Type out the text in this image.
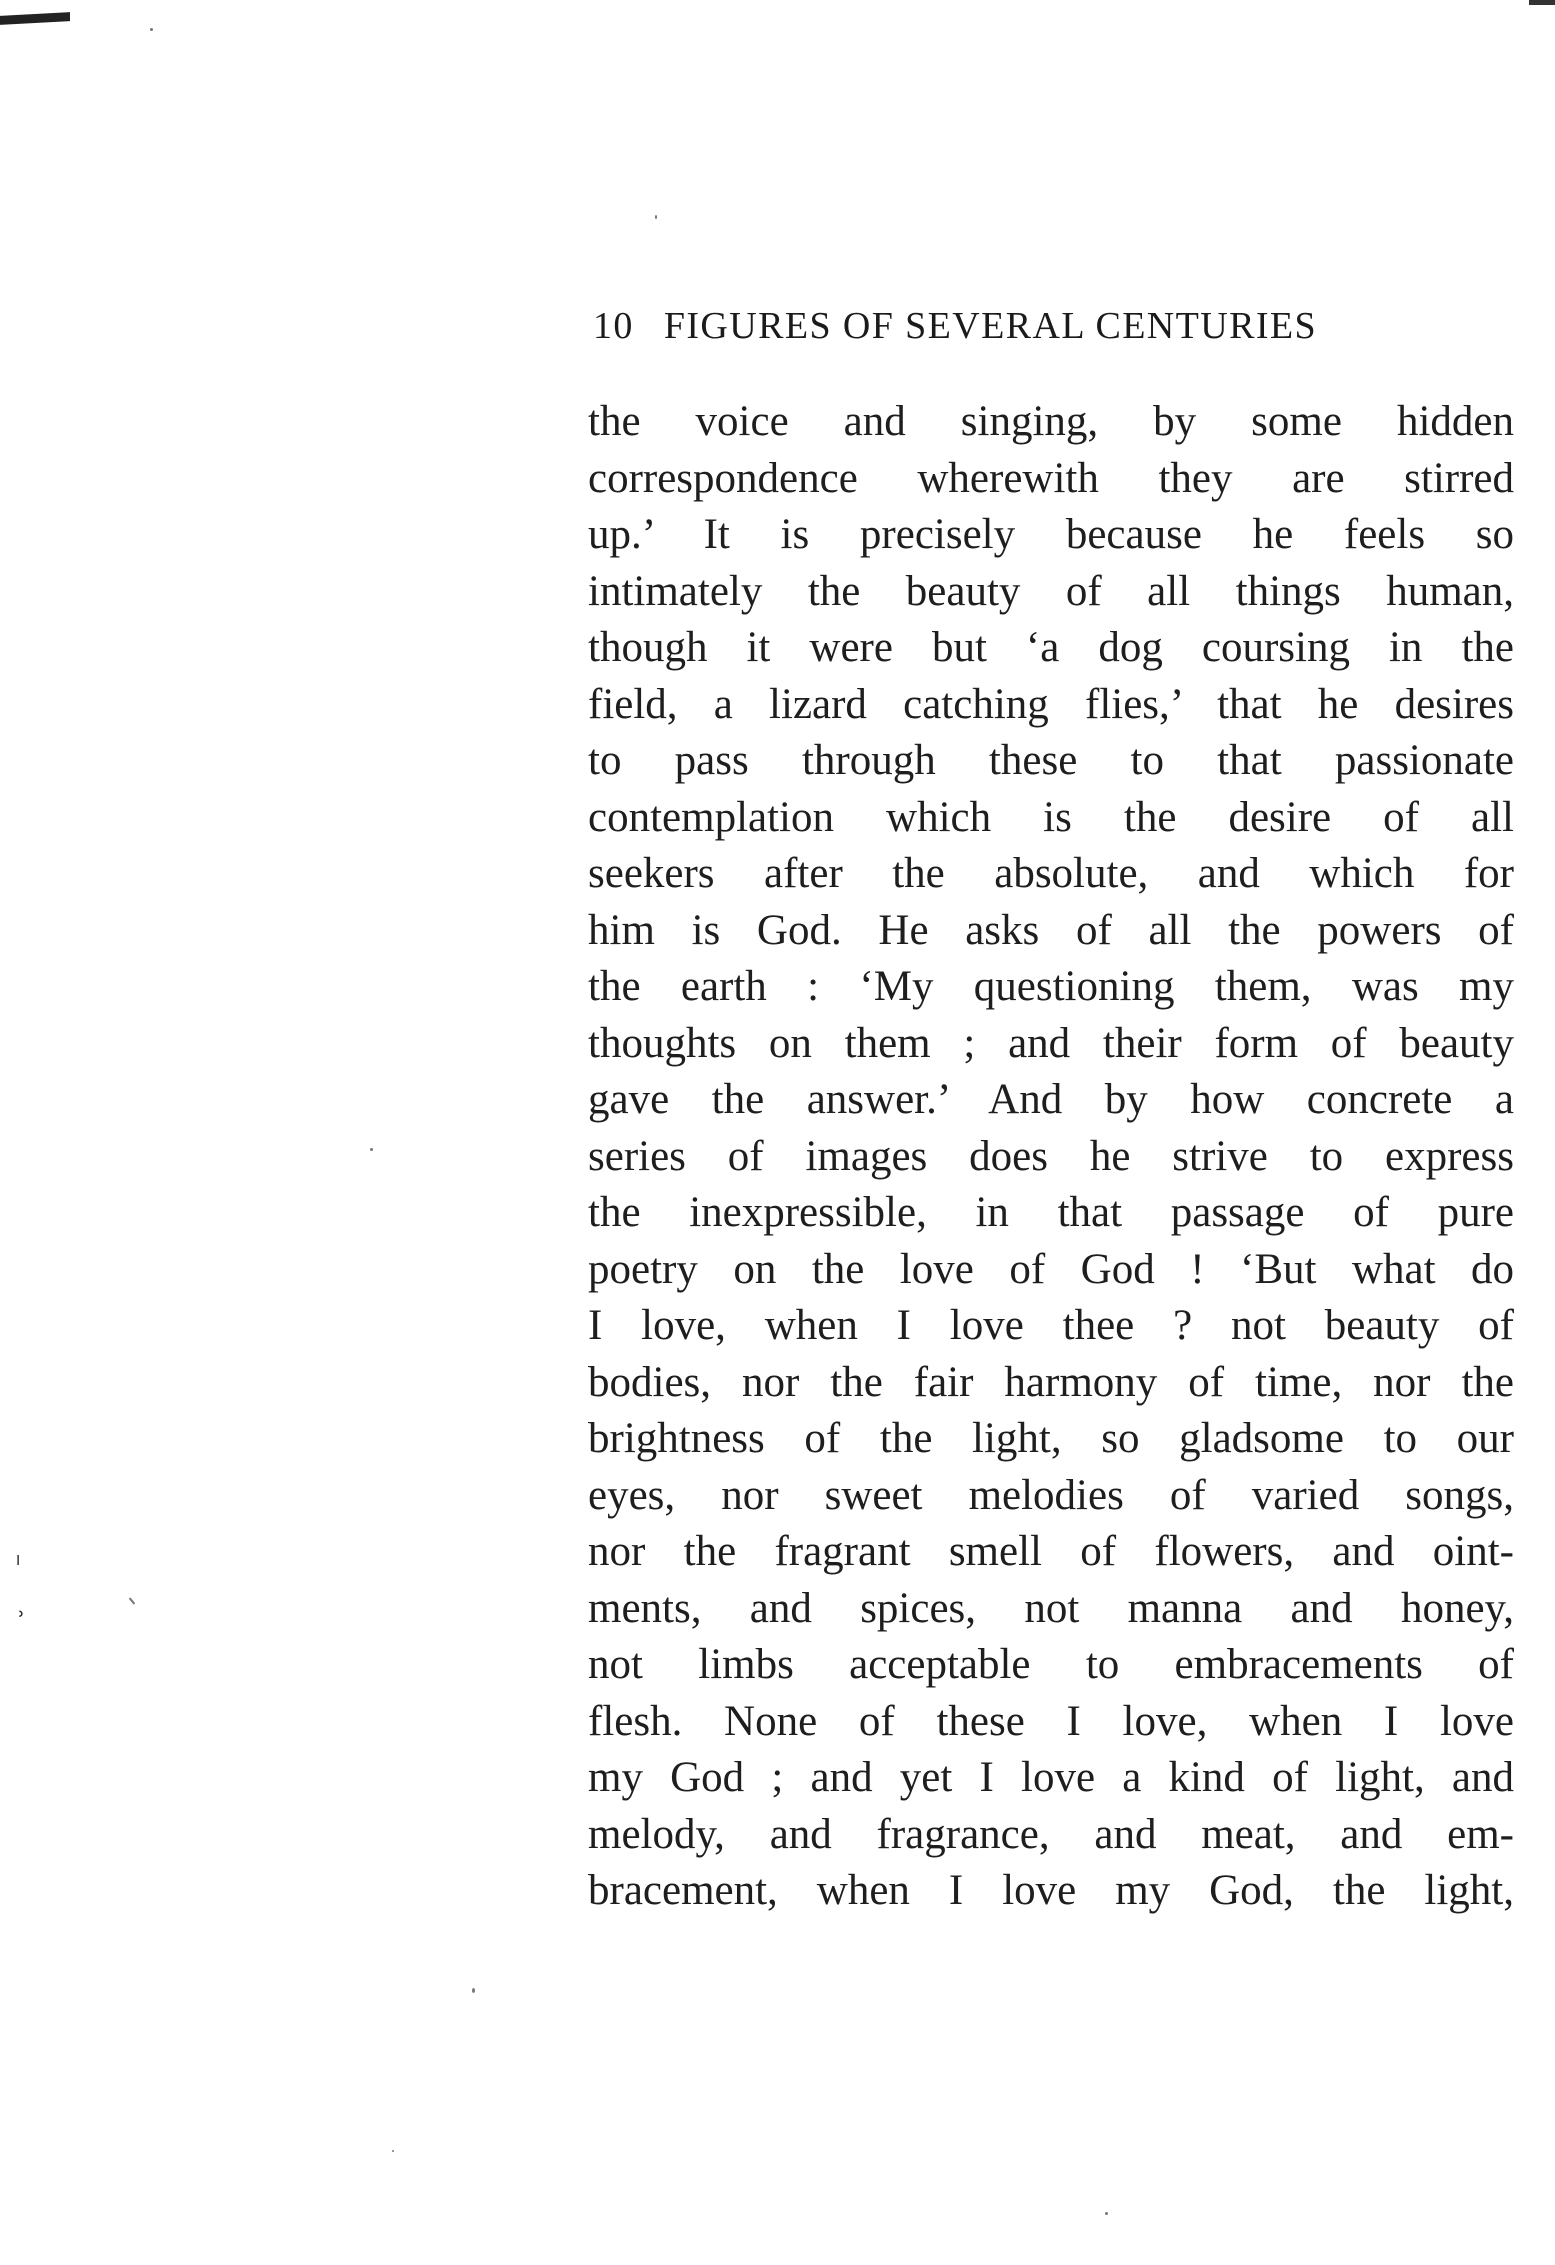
ˡ
˒
10 FIGURES OF SEVERAL CENTURIES
the voice and singing, by some hidden
correspondence wherewith they are stirred
up.’ It is precisely because he feels so
intimately the beauty of all things human,
though it were but ‘a dog coursing in the
field, a lizard catching flies,’ that he desires
to pass through these to that passionate
contemplation which is the desire of all
seekers after the absolute, and which for
him is God. He asks of all the powers of
the earth : ‘My questioning them, was my
thoughts on them ; and their form of beauty
gave the answer.’ And by how concrete a
series of images does he strive to express
the inexpressible, in that passage of pure
poetry on the love of God ! ‘But what do
I love, when I love thee ? not beauty of
bodies, nor the fair harmony of time, nor the
brightness of the light, so gladsome to our
eyes, nor sweet melodies of varied songs,
nor the fragrant smell of flowers, and oint-
ments, and spices, not manna and honey,
not limbs acceptable to embracements of
flesh. None of these I love, when I love
my God ; and yet I love a kind of light, and
melody, and fragrance, and meat, and em-
bracement, when I love my God, the light,
